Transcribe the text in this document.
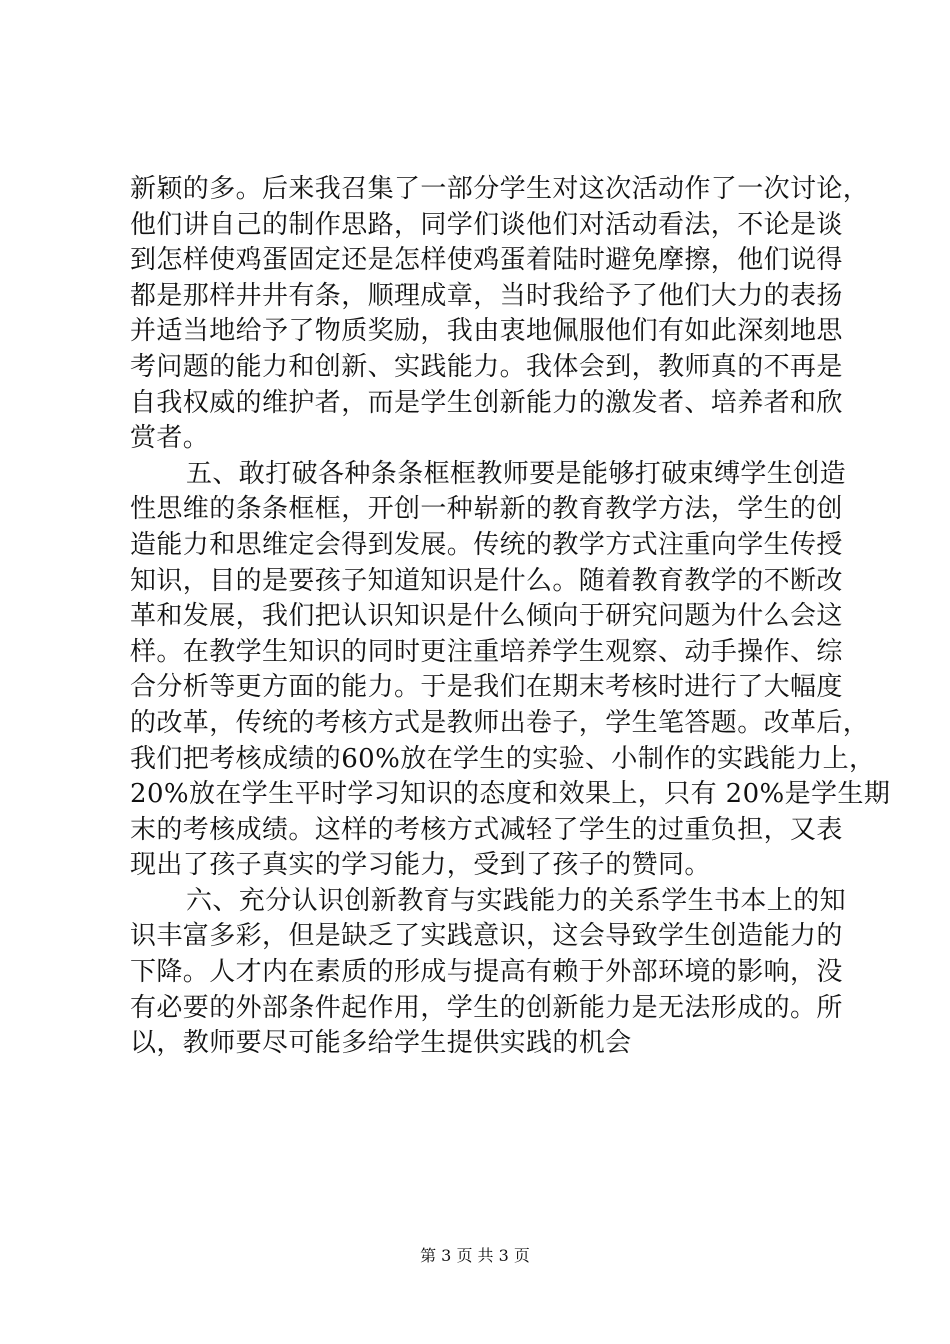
新颖的多。后来我召集了一部分学生对这次活动作了一次讨论，
他们讲自己的制作思路，同学们谈他们对活动看法，不论是谈
到怎样使鸡蛋固定还是怎样使鸡蛋着陆时避免摩擦，他们说得
都是那样井井有条，顺理成章，当时我给予了他们大力的表扬
并适当地给予了物质奖励，我由衷地佩服他们有如此深刻地思
考问题的能力和创新、实践能力。我体会到，教师真的不再是
自我权威的维护者，而是学生创新能力的激发者、培养者和欣
赏者。
五、敢打破各种条条框框教师要是能够打破束缚学生创造
性思维的条条框框，开创一种崭新的教育教学方法，学生的创
造能力和思维定会得到发展。传统的教学方式注重向学生传授
知识，目的是要孩子知道知识是什么。随着教育教学的不断改
革和发展，我们把认识知识是什么倾向于研究问题为什么会这
样。在教学生知识的同时更注重培养学生观察、动手操作、综
合分析等更方面的能力。于是我们在期末考核时进行了大幅度
的改革，传统的考核方式是教师出卷子，学生笔答题。改革后，
我们把考核成绩的60%放在学生的实验、小制作的实践能力上，
20%放在学生平时学习知识的态度和效果上，只有 20%是学生期
末的考核成绩。这样的考核方式减轻了学生的过重负担，又表
现出了孩子真实的学习能力，受到了孩子的赞同。
六、充分认识创新教育与实践能力的关系学生书本上的知
识丰富多彩，但是缺乏了实践意识，这会导致学生创造能力的
下降。人才内在素质的形成与提高有赖于外部环境的影响，没
有必要的外部条件起作用，学生的创新能力是无法形成的。所
以，教师要尽可能多给学生提供实践的机会
第 3 页 共 3 页
